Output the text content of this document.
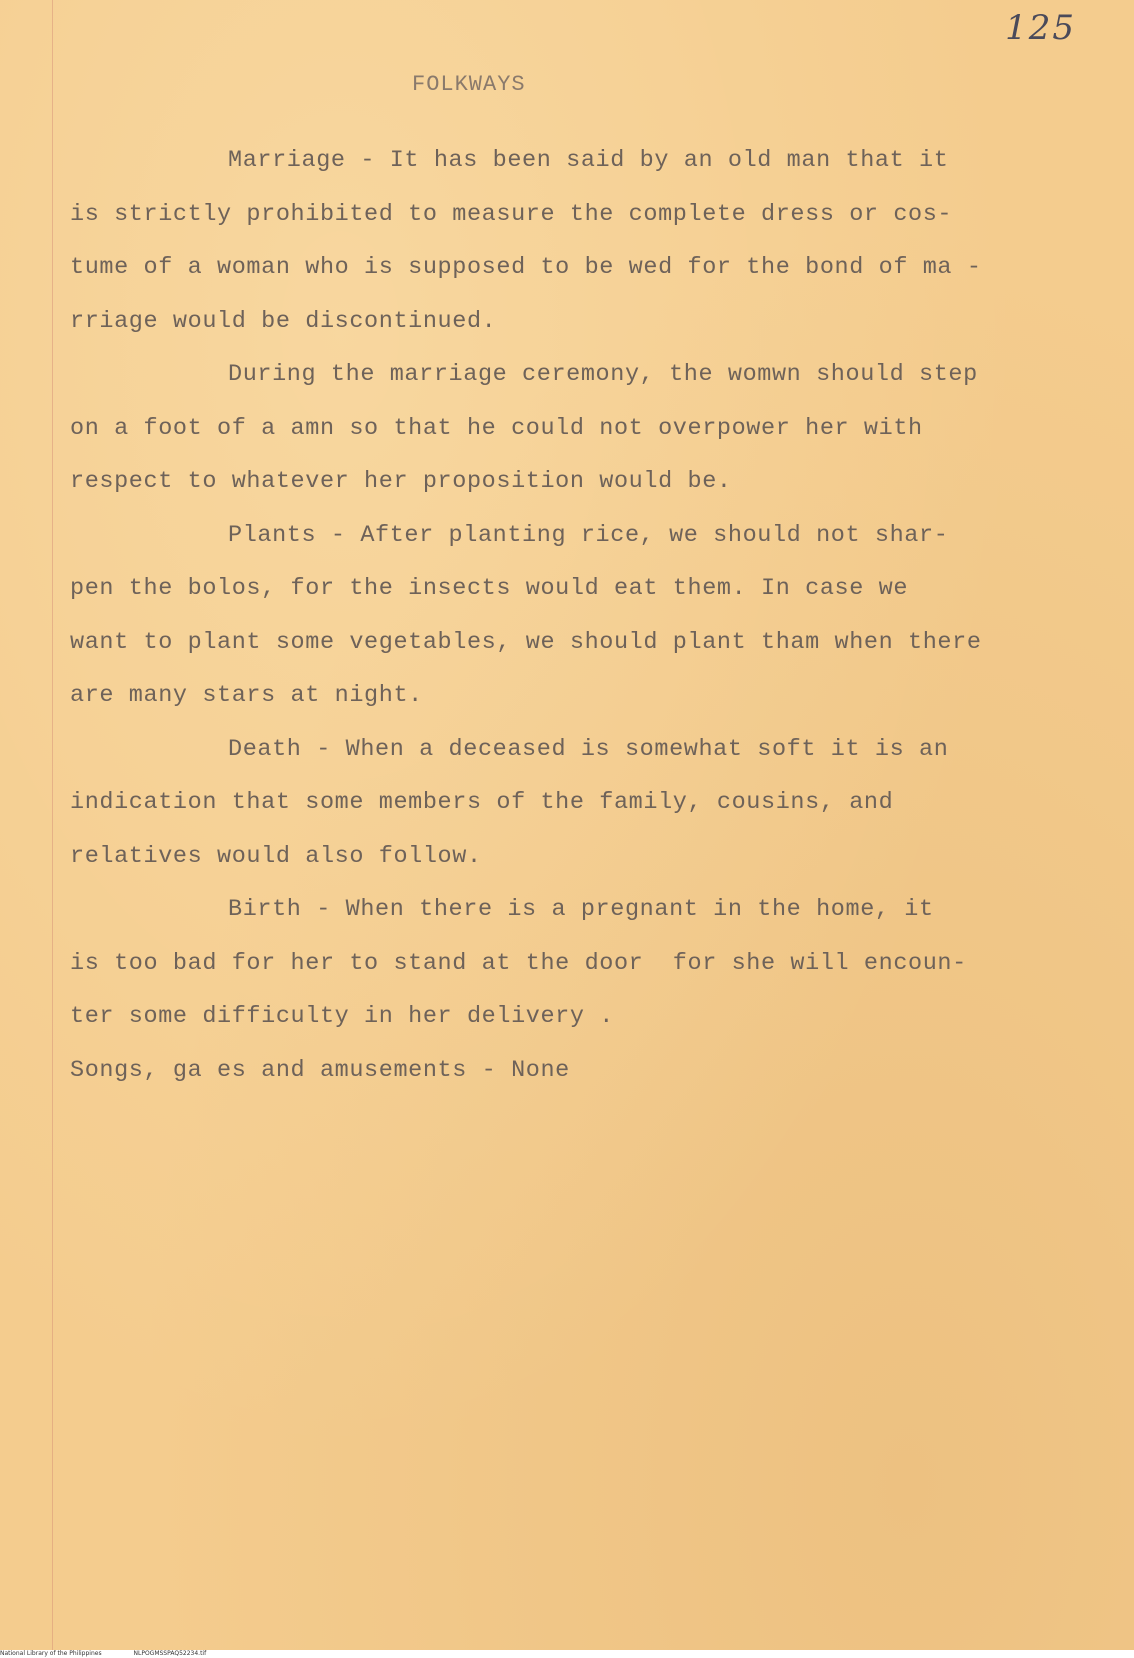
125
FOLKWAYS
Marriage - It has been said by an old man that it
is strictly prohibited to measure the complete dress or cos-
tume of a woman who is supposed to be wed for the bond of ma -
rriage would be discontinued.
During the marriage ceremony, the womwn should step
on a foot of a amn so that he could not overpower her with
respect to whatever her proposition would be.
Plants - After planting rice, we should not shar-
pen the bolos, for the insects would eat them. In case we
want to plant some vegetables, we should plant tham when there
are many stars at night.
Death - When a deceased is somewhat soft it is an
indication that some members of the family, cousins, and
relatives would also follow.
Birth - When there is a pregnant in the home, it
is too bad for her to stand at the door  for she will encoun-
ter some difficulty in her delivery .
Songs, ga es and amusements - None
National Library of the Philippines	NLPOGMSSPAQ52234.tif
